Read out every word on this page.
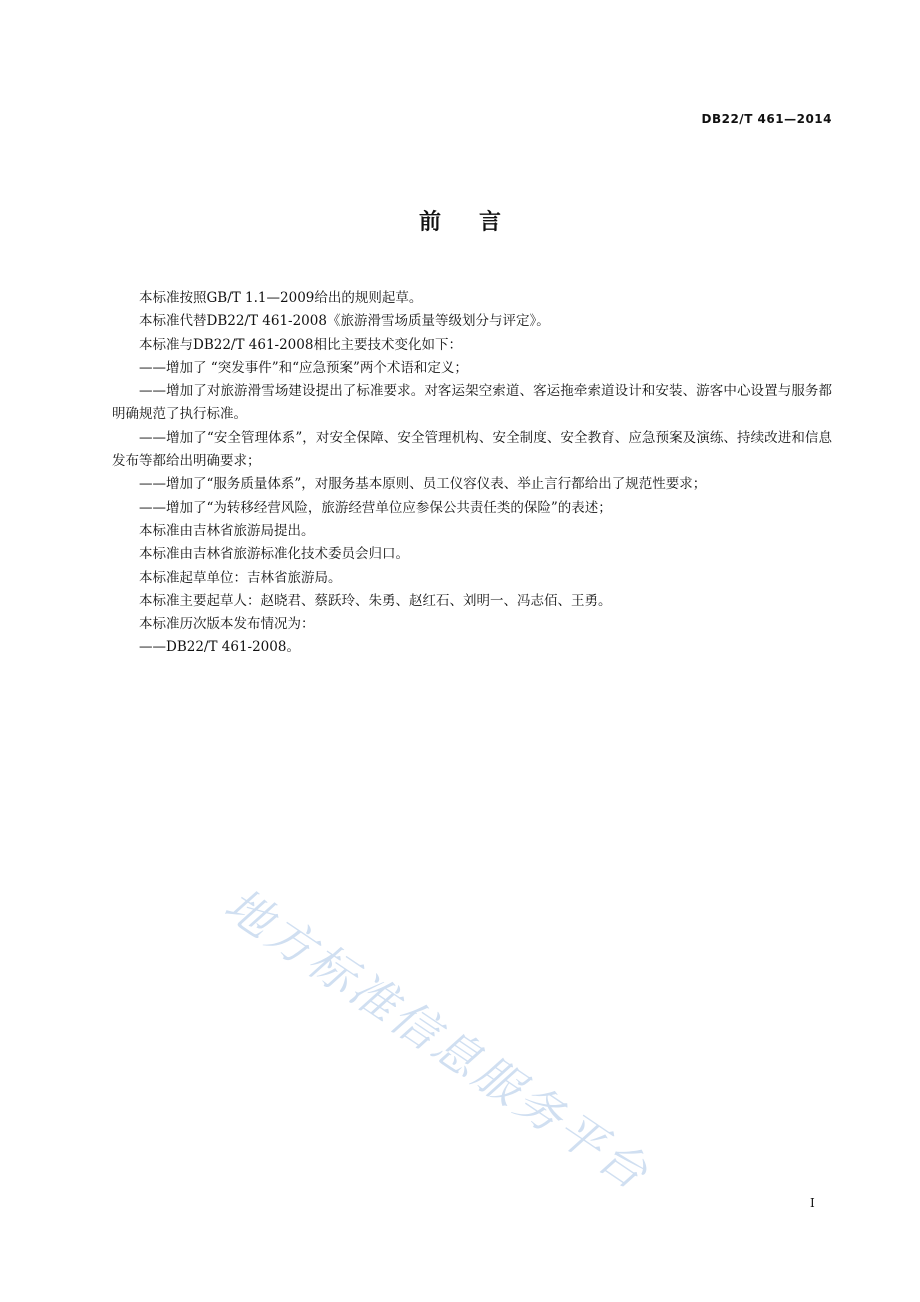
DB22/T 461—2014
前言

本标准按照GB/T 1.1—2009给出的规则起草。

本标准代替DB22/T 461-2008《旅游滑雪场质量等级划分与评定》。

本标准与DB22/T 461-2008相比主要技术变化如下：

——增加了 “突发事件”和“应急预案”两个术语和定义；

——增加了对旅游滑雪场建设提出了标准要求。对客运架空索道、客运拖牵索道设计和安装、游客中心设置与服务都明确规范了执行标准。

——增加了“安全管理体系”，对安全保障、安全管理机构、安全制度、安全教育、应急预案及演练、持续改进和信息发布等都给出明确要求；

——增加了“服务质量体系”，对服务基本原则、员工仪容仪表、举止言行都给出了规范性要求；

——增加了“为转移经营风险，旅游经营单位应参保公共责任类的保险”的表述；

本标准由吉林省旅游局提出。

本标准由吉林省旅游标准化技术委员会归口。

本标准起草单位：吉林省旅游局。

本标准主要起草人：赵晓君、蔡跃玲、朱勇、赵红石、刘明一、冯志佰、王勇。

本标准历次版本发布情况为：

——DB22/T 461-2008。

地方标准信息服务平台
I
